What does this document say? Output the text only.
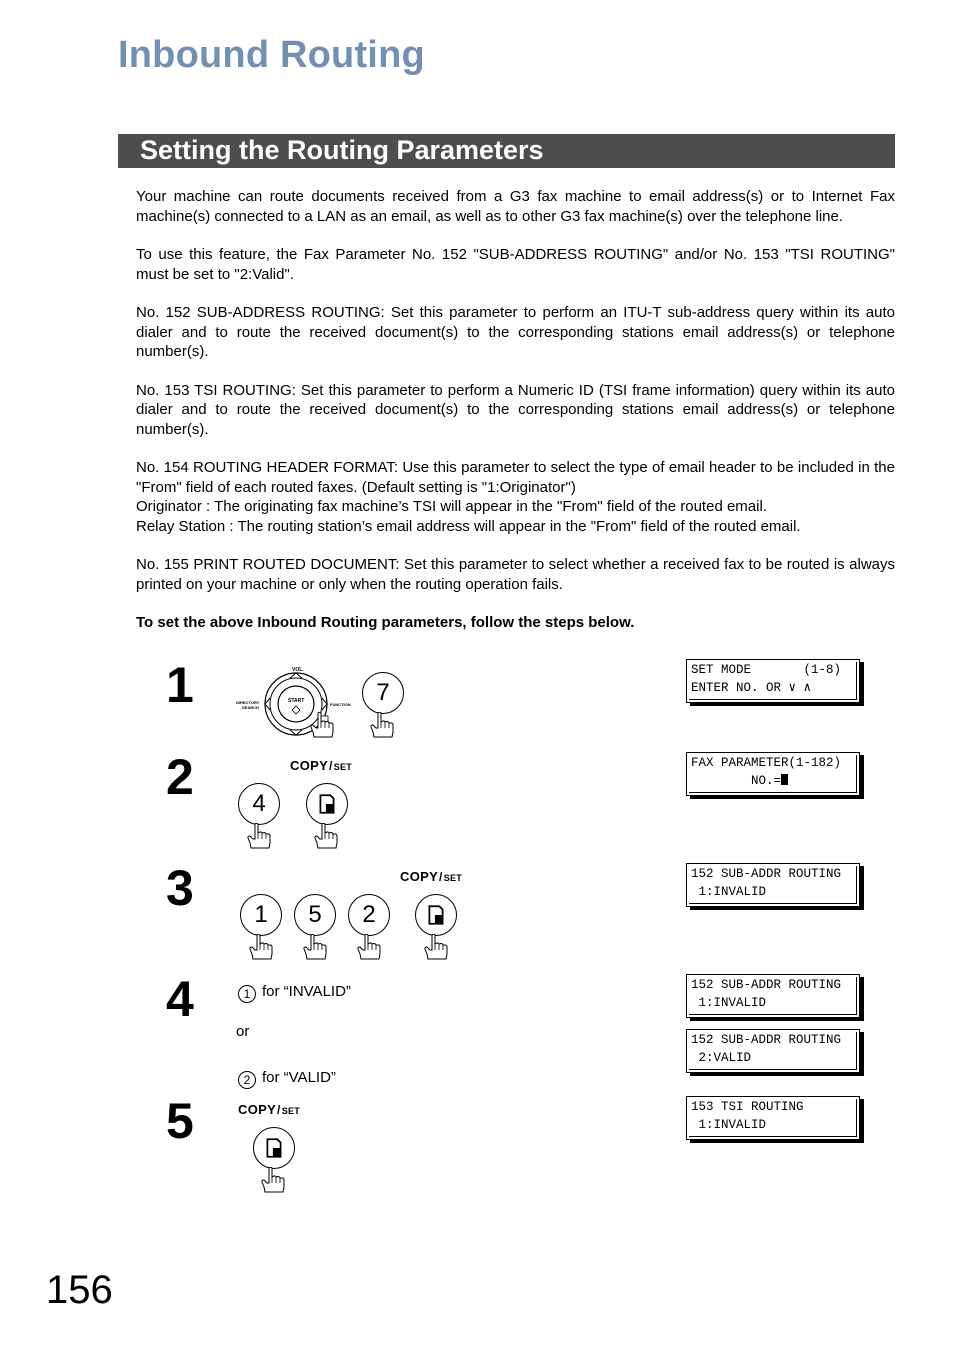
Inbound Routing
Setting the Routing Parameters

Your machine can route documents received from a G3 fax machine to email address(s) or to Internet Fax machine(s) connected to a LAN as an email, as well as to other G3 fax machine(s) over the telephone line.

To use this feature, the Fax Parameter No. 152 "SUB-ADDRESS ROUTING" and/or No. 153 "TSI ROUTING" must be set to "2:Valid".

No. 152 SUB-ADDRESS ROUTING: Set this parameter to perform an ITU-T sub-address query within its auto dialer and to route the received document(s) to the corresponding stations email address(s) or telephone number(s).

No. 153 TSI ROUTING: Set this parameter to perform a Numeric ID (TSI frame information) query within its auto dialer and to route the received document(s) to the corresponding stations email address(s) or telephone number(s).

No. 154 ROUTING HEADER FORMAT: Use this parameter to select the type of email header to be included in the "From" field of each routed faxes. (Default setting is "1:Originator")

Originator : The originating fax machine’s TSI will appear in the "From" field of the routed email.

Relay Station : The routing station’s email address will appear in the "From" field of the routed email.

No. 155 PRINT ROUTED DOCUMENT: Set this parameter to select whether a received fax to be routed is always printed on your machine or only when the routing operation fails.

To set the above Inbound Routing parameters, follow the steps below.

1	VOL.
START
DIRECTORY
SEARCH
FUNCTION	7
SET MODE       (1-8)
ENTER NO. OR ∨ ∧
2	COPY/SET
4
FAX PARAMETER(1-182)
NO.=
3	COPY/SET
1	5	2
152 SUB-ADDR ROUTING
1:INVALID
4	1 for “INVALID”
or
2 for “VALID”
152 SUB-ADDR ROUTING
1:INVALID
152 SUB-ADDR ROUTING
2:VALID
5	COPY/SET	153 TSI ROUTING
1:INVALID
156
